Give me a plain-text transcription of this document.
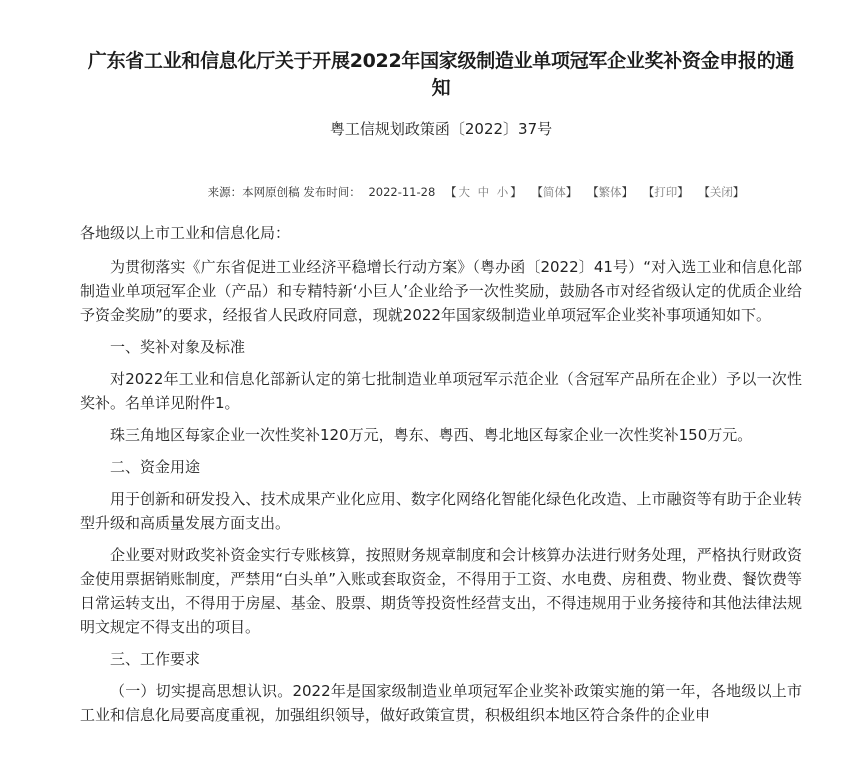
广东省工业和信息化厅关于开展2022年国家级制造业单项冠军企业奖补资金申报的通知
粤工信规划政策函〔2022〕37号
来源：本网原创稿 发布时间： 2022-11-28 【 大 中 小 】 【简体】 【繁体】 【打印】 【关闭】

各地级以上市工业和信息化局：

为贯彻落实《广东省促进工业经济平稳增长行动方案》（粤办函〔2022〕41号）“对入选工业和信息化部制造业单项冠军企业（产品）和专精特新‘小巨人’企业给予一次性奖励，鼓励各市对经省级认定的优质企业给予资金奖励”的要求，经报省人民政府同意，现就2022年国家级制造业单项冠军企业奖补事项通知如下。

一、奖补对象及标准

对2022年工业和信息化部新认定的第七批制造业单项冠军示范企业（含冠军产品所在企业）予以一次性奖补。名单详见附件1。

珠三角地区每家企业一次性奖补120万元，粤东、粤西、粤北地区每家企业一次性奖补150万元。

二、资金用途

用于创新和研发投入、技术成果产业化应用、数字化网络化智能化绿色化改造、上市融资等有助于企业转型升级和高质量发展方面支出。

企业要对财政奖补资金实行专账核算，按照财务规章制度和会计核算办法进行财务处理，严格执行财政资金使用票据销账制度，严禁用“白头单”入账或套取资金，不得用于工资、水电费、房租费、物业费、餐饮费等日常运转支出，不得用于房屋、基金、股票、期货等投资性经营支出，不得违规用于业务接待和其他法律法规明文规定不得支出的项目。

三、工作要求

（一）切实提高思想认识。2022年是国家级制造业单项冠军企业奖补政策实施的第一年，各地级以上市工业和信息化局要高度重视，加强组织领导，做好政策宣贯，积极组织本地区符合条件的企业申
